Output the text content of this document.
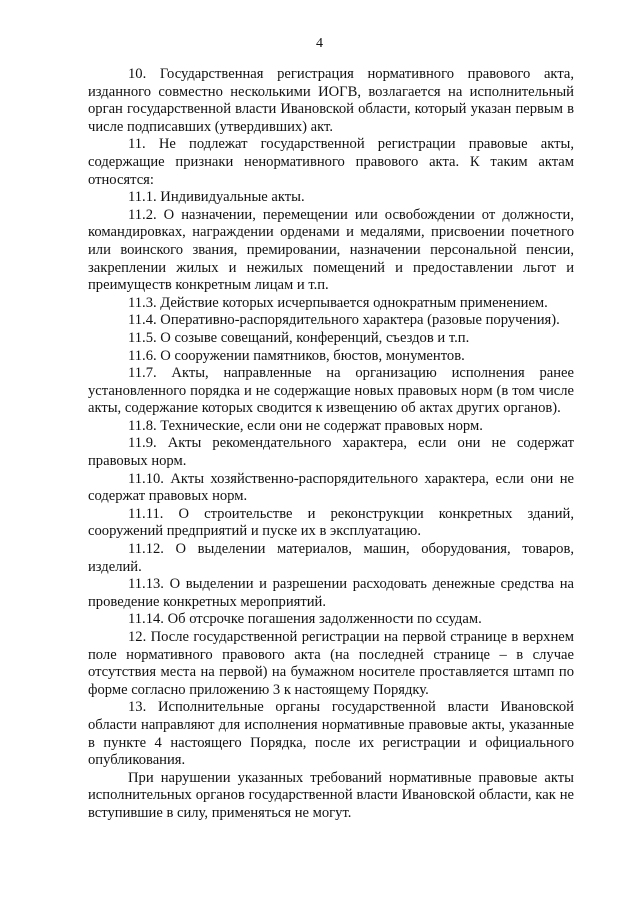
4

10. Государственная регистрация нормативного правового акта, изданного совместно несколькими ИОГВ, возлагается на исполнительный орган государственной власти Ивановской области, который указан первым в числе подписавших (утвердивших) акт.

11. Не подлежат государственной регистрации правовые акты, содержащие признаки ненормативного правового акта. К таким актам относятся:

11.1. Индивидуальные акты.

11.2. О назначении, перемещении или освобождении от должности, командировках, награждении орденами и медалями, присвоении почетного или воинского звания, премировании, назначении персональной пенсии, закреплении жилых и нежилых помещений и предоставлении льгот и преимуществ конкретным лицам и т.п.

11.3. Действие которых исчерпывается однократным применением.

11.4. Оперативно-распорядительного характера (разовые поручения).

11.5. О созыве совещаний, конференций, съездов и т.п.

11.6. О сооружении памятников, бюстов, монументов.

11.7. Акты, направленные на организацию исполнения ранее установленного порядка и не содержащие новых правовых норм (в том числе акты, содержание которых сводится к извещению об актах других органов).

11.8. Технические, если они не содержат правовых норм.

11.9. Акты рекомендательного характера, если они не содержат правовых норм.

11.10. Акты хозяйственно-распорядительного характера, если они не содержат правовых норм.

11.11. О строительстве и реконструкции конкретных зданий, сооружений предприятий и пуске их в эксплуатацию.

11.12. О выделении материалов, машин, оборудования, товаров, изделий.

11.13. О выделении и разрешении расходовать денежные средства на проведение конкретных мероприятий.

11.14. Об отсрочке погашения задолженности по ссудам.

12. После государственной регистрации на первой странице в верхнем поле нормативного правового акта (на последней странице – в случае отсутствия места на первой) на бумажном носителе проставляется штамп по форме согласно приложению 3 к настоящему Порядку.

13. Исполнительные органы государственной власти Ивановской области направляют для исполнения нормативные правовые акты, указанные в пункте 4 настоящего Порядка, после их регистрации и официального опубликования.

При нарушении указанных требований нормативные правовые акты исполнительных органов государственной власти Ивановской области, как не вступившие в силу, применяться не могут.
